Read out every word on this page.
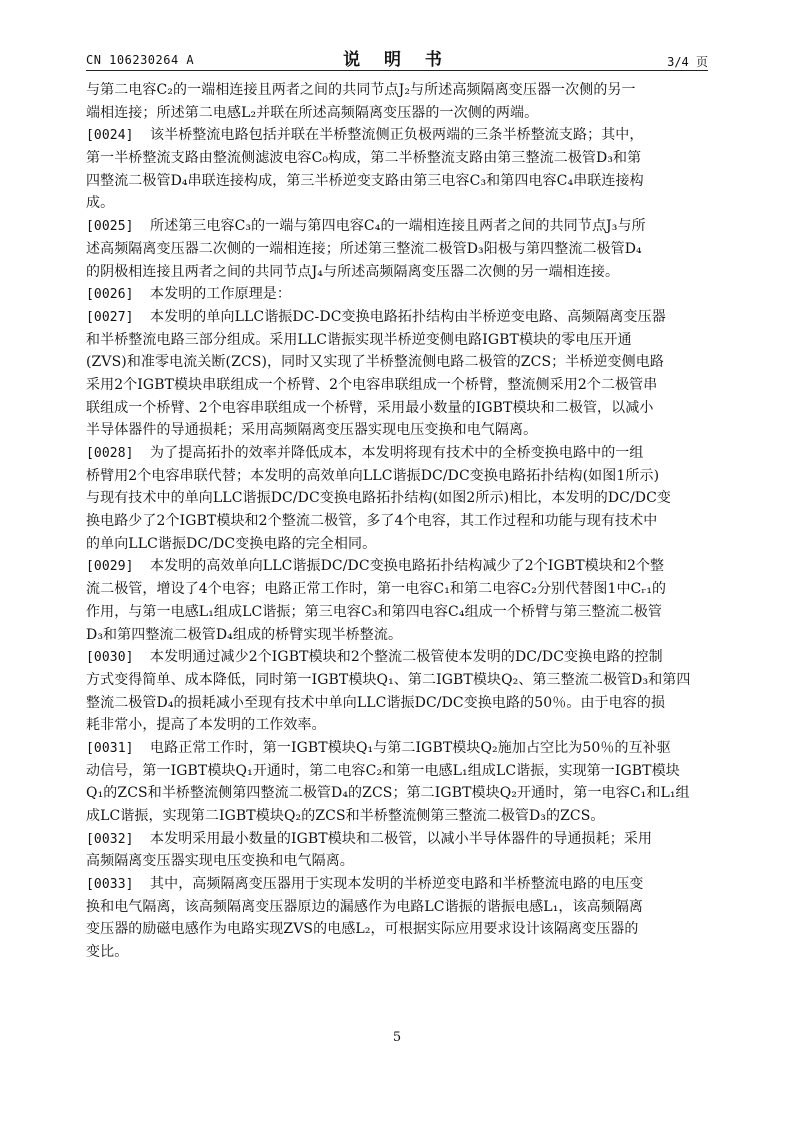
CN 106230264 A	说 明 书	3/4 页
与第二电容C₂的一端相连接且两者之间的共同节点J₂与所述高频隔离变压器一次侧的另一
端相连接；所述第二电感L₂并联在所述高频隔离变压器的一次侧的两端。
[0024] 该半桥整流电路包括并联在半桥整流侧正负极两端的三条半桥整流支路；其中，
第一半桥整流支路由整流侧滤波电容C₀构成，第二半桥整流支路由第三整流二极管D₃和第
四整流二极管D₄串联连接构成，第三半桥逆变支路由第三电容C₃和第四电容C₄串联连接构
成。
[0025] 所述第三电容C₃的一端与第四电容C₄的一端相连接且两者之间的共同节点J₃与所
述高频隔离变压器二次侧的一端相连接；所述第三整流二极管D₃阳极与第四整流二极管D₄
的阴极相连接且两者之间的共同节点J₄与所述高频隔离变压器二次侧的另一端相连接。
[0026] 本发明的工作原理是：
[0027] 本发明的单向LLC谐振DC-DC变换电路拓扑结构由半桥逆变电路、高频隔离变压器
和半桥整流电路三部分组成。采用LLC谐振实现半桥逆变侧电路IGBT模块的零电压开通
(ZVS)和准零电流关断(ZCS)，同时又实现了半桥整流侧电路二极管的ZCS；半桥逆变侧电路
采用2个IGBT模块串联组成一个桥臂、2个电容串联组成一个桥臂，整流侧采用2个二极管串
联组成一个桥臂、2个电容串联组成一个桥臂，采用最小数量的IGBT模块和二极管，以减小
半导体器件的导通损耗；采用高频隔离变压器实现电压变换和电气隔离。
[0028] 为了提高拓扑的效率并降低成本，本发明将现有技术中的全桥变换电路中的一组
桥臂用2个电容串联代替；本发明的高效单向LLC谐振DC/DC变换电路拓扑结构(如图1所示)
与现有技术中的单向LLC谐振DC/DC变换电路拓扑结构(如图2所示)相比，本发明的DC/DC变
换电路少了2个IGBT模块和2个整流二极管，多了4个电容，其工作过程和功能与现有技术中
的单向LLC谐振DC/DC变换电路的完全相同。
[0029] 本发明的高效单向LLC谐振DC/DC变换电路拓扑结构减少了2个IGBT模块和2个整
流二极管，增设了4个电容；电路正常工作时，第一电容C₁和第二电容C₂分别代替图1中Cᵣ₁的
作用，与第一电感L₁组成LC谐振；第三电容C₃和第四电容C₄组成一个桥臂与第三整流二极管
D₃和第四整流二极管D₄组成的桥臂实现半桥整流。
[0030] 本发明通过减少2个IGBT模块和2个整流二极管使本发明的DC/DC变换电路的控制
方式变得简单、成本降低，同时第一IGBT模块Q₁、第二IGBT模块Q₂、第三整流二极管D₃和第四
整流二极管D₄的损耗减小至现有技术中单向LLC谐振DC/DC变换电路的50％。由于电容的损
耗非常小，提高了本发明的工作效率。
[0031] 电路正常工作时，第一IGBT模块Q₁与第二IGBT模块Q₂施加占空比为50％的互补驱
动信号，第一IGBT模块Q₁开通时，第二电容C₂和第一电感L₁组成LC谐振，实现第一IGBT模块
Q₁的ZCS和半桥整流侧第四整流二极管D₄的ZCS；第二IGBT模块Q₂开通时，第一电容C₁和L₁组
成LC谐振，实现第二IGBT模块Q₂的ZCS和半桥整流侧第三整流二极管D₃的ZCS。
[0032] 本发明采用最小数量的IGBT模块和二极管，以减小半导体器件的导通损耗；采用
高频隔离变压器实现电压变换和电气隔离。
[0033] 其中，高频隔离变压器用于实现本发明的半桥逆变电路和半桥整流电路的电压变
换和电气隔离，该高频隔离变压器原边的漏感作为电路LC谐振的谐振电感L₁，该高频隔离
变压器的励磁电感作为电路实现ZVS的电感L₂，可根据实际应用要求设计该隔离变压器的
变比。
5
